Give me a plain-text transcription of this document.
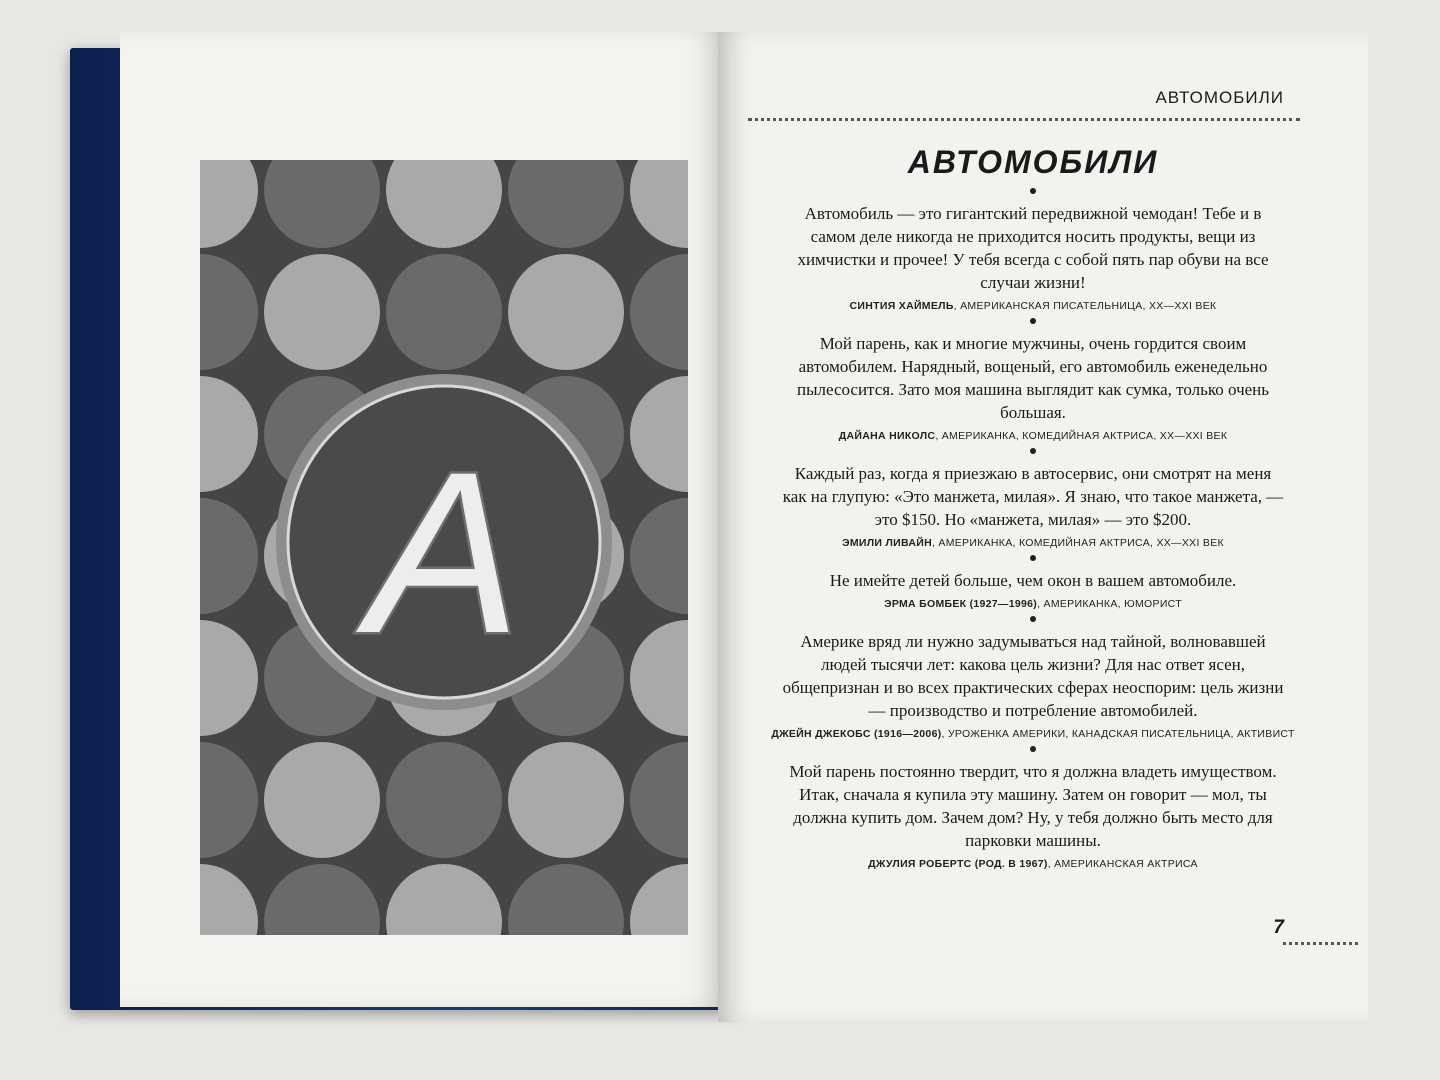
A
АВТОМОБИЛИ
АВТОМОБИЛИ
Автомобиль — это гигантский передвижной чемодан! Тебе и в самом деле никогда не приходится носить продукты, вещи из химчистки и прочее! У тебя всегда с собой пять пар обуви на все случаи жизни!
СИНТИЯ ХАЙМЕЛЬ, АМЕРИКАНСКАЯ ПИСАТЕЛЬНИЦА, XX—XXI ВЕК
Мой парень, как и многие мужчины, очень гордится своим автомобилем. Нарядный, вощеный, его автомобиль еженедельно пылесосится. Зато моя машина выглядит как сумка, только очень большая.
ДАЙАНА НИКОЛС, АМЕРИКАНКА, КОМЕДИЙНАЯ АКТРИСА, XX—XXI ВЕК
Каждый раз, когда я приезжаю в автосервис, они смотрят на меня как на глупую: «Это манжета, милая». Я знаю, что такое манжета, — это $150. Но «манжета, милая» — это $200.
ЭМИЛИ ЛИВАЙН, АМЕРИКАНКА, КОМЕДИЙНАЯ АКТРИСА, XX—XXI ВЕК
Не имейте детей больше, чем окон в вашем автомобиле.
ЭРМА БОМБЕК (1927—1996), АМЕРИКАНКА, ЮМОРИСТ
Америке вряд ли нужно задумываться над тайной, волновавшей людей тысячи лет: какова цель жизни? Для нас ответ ясен, общепризнан и во всех практических сферах неоспорим: цель жизни — производство и потребление автомобилей.
ДЖЕЙН ДЖЕКОБС (1916—2006), УРОЖЕНКА АМЕРИКИ, КАНАДСКАЯ ПИСАТЕЛЬНИЦА, АКТИВИСТ
Мой парень постоянно твердит, что я должна владеть имуществом. Итак, сначала я купила эту машину. Затем он говорит — мол, ты должна купить дом. Зачем дом? Ну, у тебя должно быть место для парковки машины.
ДЖУЛИЯ РОБЕРТС (РОД. В 1967), АМЕРИКАНСКАЯ АКТРИСА
7
